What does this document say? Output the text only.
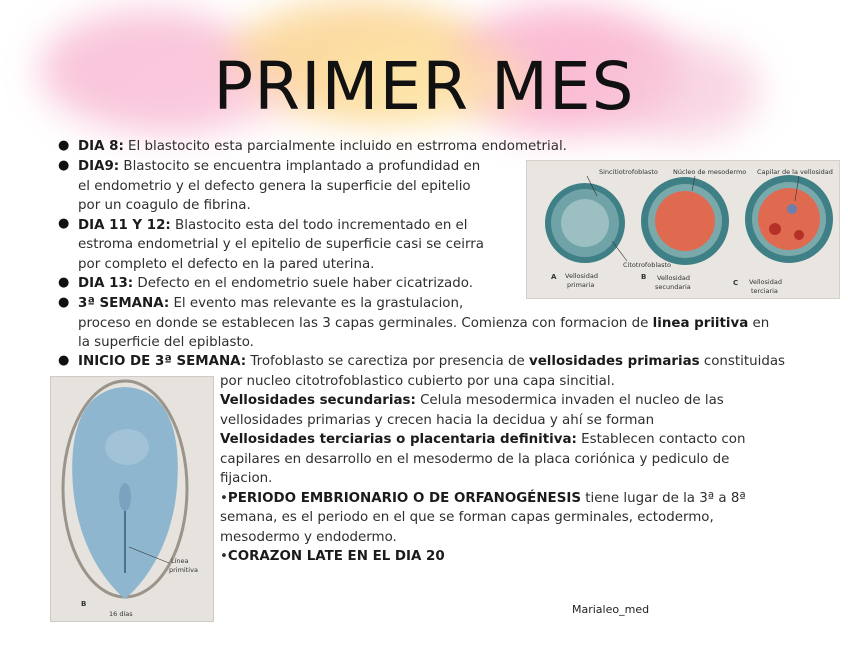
PRIMER MES
●
●
●
●
●
●
DIA 8: El blastocito esta parcialmente incluido en estrroma endometrial.
DIA9: Blastocito se encuentra implantado a profundidad en
el endometrio y el defecto genera la superficie del epitelio
por un coagulo de fibrina.
DIA 11 Y 12: Blastocito esta del todo incrementado en el
estroma endometrial y el epitelio de superficie casi se ceirra
por completo el defecto en la pared uterina.
DIA 13: Defecto en el endometrio suele haber cicatrizado.
3ª SEMANA: El evento mas relevante es la grastulacion,
proceso en donde se establecen las 3 capas germinales. Comienza con formacion de linea priitiva en
la superficie del epiblasto.
INICIO DE 3ª SEMANA: Trofoblasto se carectiza por presencia de vellosidades primarias constituidas
por nucleo citotrofoblastico cubierto por una capa sincitial.
Vellosidades secundarias: Celula mesodermica invaden el nucleo de las
vellosidades primarias y crecen hacia la decidua y ahí se forman
Vellosidades terciarias o placentaria definitiva: Establecen contacto con
capilares en desarrollo en el mesodermo de la placa coriónica y pediculo de
fijacion.
•PERIODO EMBRIONARIO O DE ORFANOGÉNESIS tiene lugar de la 3ª a 8ª
semana, es el periodo en el que se forman capas germinales, ectodermo,
mesodermo y endodermo.
•CORAZON LATE EN EL DIA 20
Sincitiotrofoblasto Núcleo de mesodermo Capilar de la vellosidad
Citotrofoblasto
A Vellosidad
primaria
B Vellosidad
secundaria	C Vellosidad
terciaria
Línea
primitiva
B
16 días	Marialeo_med
